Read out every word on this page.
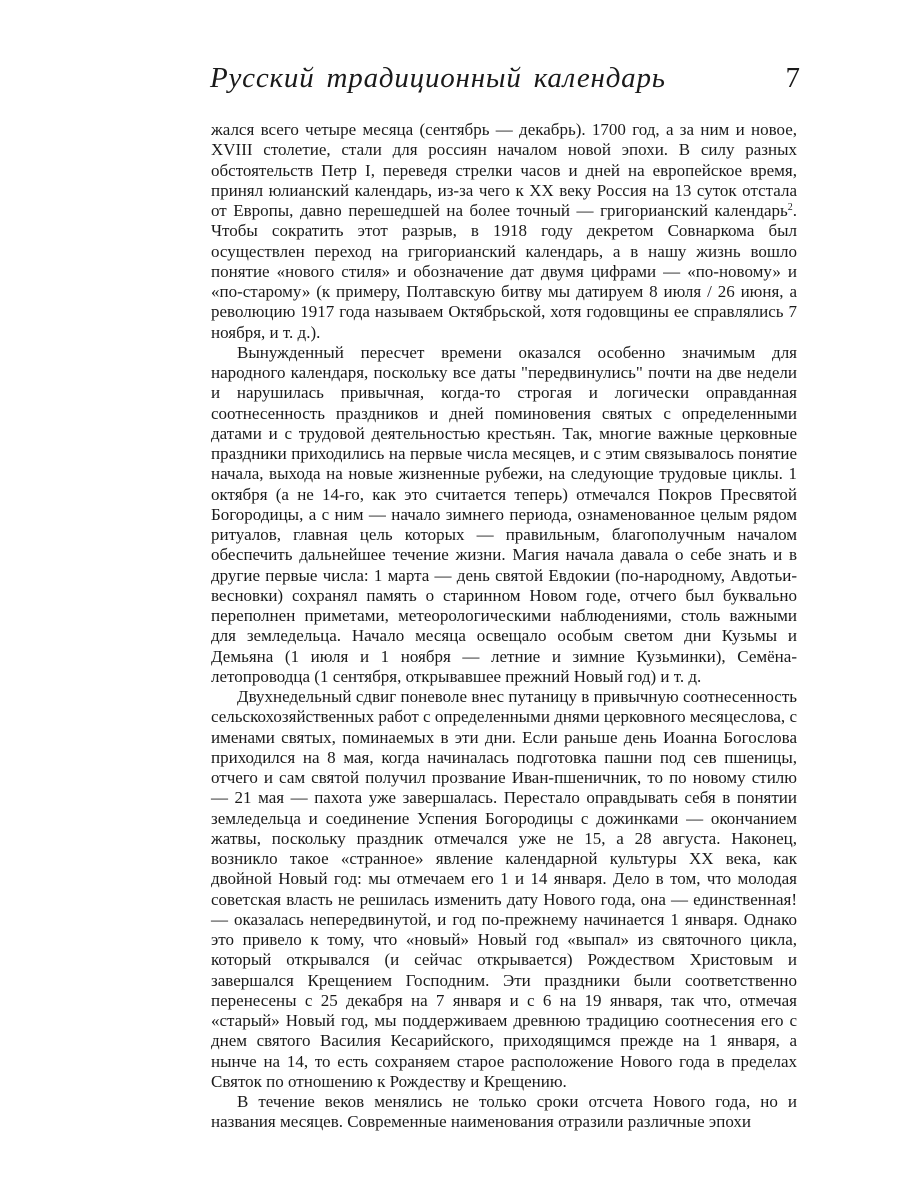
Русский традиционный календарь	7

жался всего четыре месяца (сентябрь — декабрь). 1700 год, а за ним и новое, XVIII столетие, стали для россиян началом новой эпохи. В силу разных обстоятельств Петр I, переведя стрелки часов и дней на европейское время, принял юлианский календарь, из-за чего к XX веку Россия на 13 суток отстала от Европы, давно перешедшей на более точный — григорианский календарь$^2$. Чтобы сократить этот разрыв, в 1918 году декретом Совнаркома был осуществлен переход на григорианский календарь, а в нашу жизнь вошло понятие «нового стиля» и обозначение дат двумя цифрами — «по-новому» и «по-старому» (к примеру, Полтавскую битву мы датируем 8 июля / 26 июня, а революцию 1917 года называем Октябрьской, хотя годовщины ее справлялись 7 ноября, и т. д.).

Вынужденный пересчет времени оказался особенно значимым для народного календаря, поскольку все даты "передвинулись" почти на две недели и нарушилась привычная, когда-то строгая и логически оправданная соотнесенность праздников и дней поминовения святых с определенными датами и с трудовой деятельностью крестьян. Так, многие важные церковные праздники приходились на первые числа месяцев, и с этим связывалось понятие начала, выхода на новые жизненные рубежи, на следующие трудовые циклы. 1 октября (а не 14-го, как это считается теперь) отмечался Покров Пресвятой Богородицы, а с ним — начало зимнего периода, ознаменованное целым рядом ритуалов, главная цель которых — правильным, благополучным началом обеспечить дальнейшее течение жизни. Магия начала давала о себе знать и в другие первые числа: 1 марта — день святой Евдокии (по-народному, Авдотьи-весновки) сохранял память о старинном Новом годе, отчего был буквально переполнен приметами, метеорологическими наблюдениями, столь важными для земледельца. Начало месяца освещало особым светом дни Кузьмы и Демьяна (1 июля и 1 ноября — летние и зимние Кузьминки), Семёна-летопроводца (1 сентября, открывавшее прежний Новый год) и т. д.

Двухнедельный сдвиг поневоле внес путаницу в привычную соотнесенность сельскохозяйственных работ с определенными днями церковного месяцеслова, с именами святых, поминаемых в эти дни. Если раньше день Иоанна Богослова приходился на 8 мая, когда начиналась подготовка пашни под сев пшеницы, отчего и сам святой получил прозвание Иван-пшеничник, то по новому стилю — 21 мая — пахота уже завершалась. Перестало оправдывать себя в понятии земледельца и соединение Успения Богородицы с дожинками — окончанием жатвы, поскольку праздник отмечался уже не 15, а 28 августа. Наконец, возникло такое «странное» явление календарной культуры XX века, как двойной Новый год: мы отмечаем его 1 и 14 января. Дело в том, что молодая советская власть не решилась изменить дату Нового года, она — единственная! — оказалась непередвинутой, и год по-прежнему начинается 1 января. Однако это привело к тому, что «новый» Новый год «выпал» из святочного цикла, который открывался (и сейчас открывается) Рождеством Христовым и завершался Крещением Господним. Эти праздники были соответственно перенесены с 25 декабря на 7 января и с 6 на 19 января, так что, отмечая «старый» Новый год, мы поддерживаем древнюю традицию соотнесения его с днем святого Василия Кесарийского, приходящимся прежде на 1 января, а нынче на 14, то есть сохраняем старое расположение Нового года в пределах Святок по отношению к Рождеству и Крещению.

В течение веков менялись не только сроки отсчета Нового года, но и названия месяцев. Современные наименования отразили различные эпохи
